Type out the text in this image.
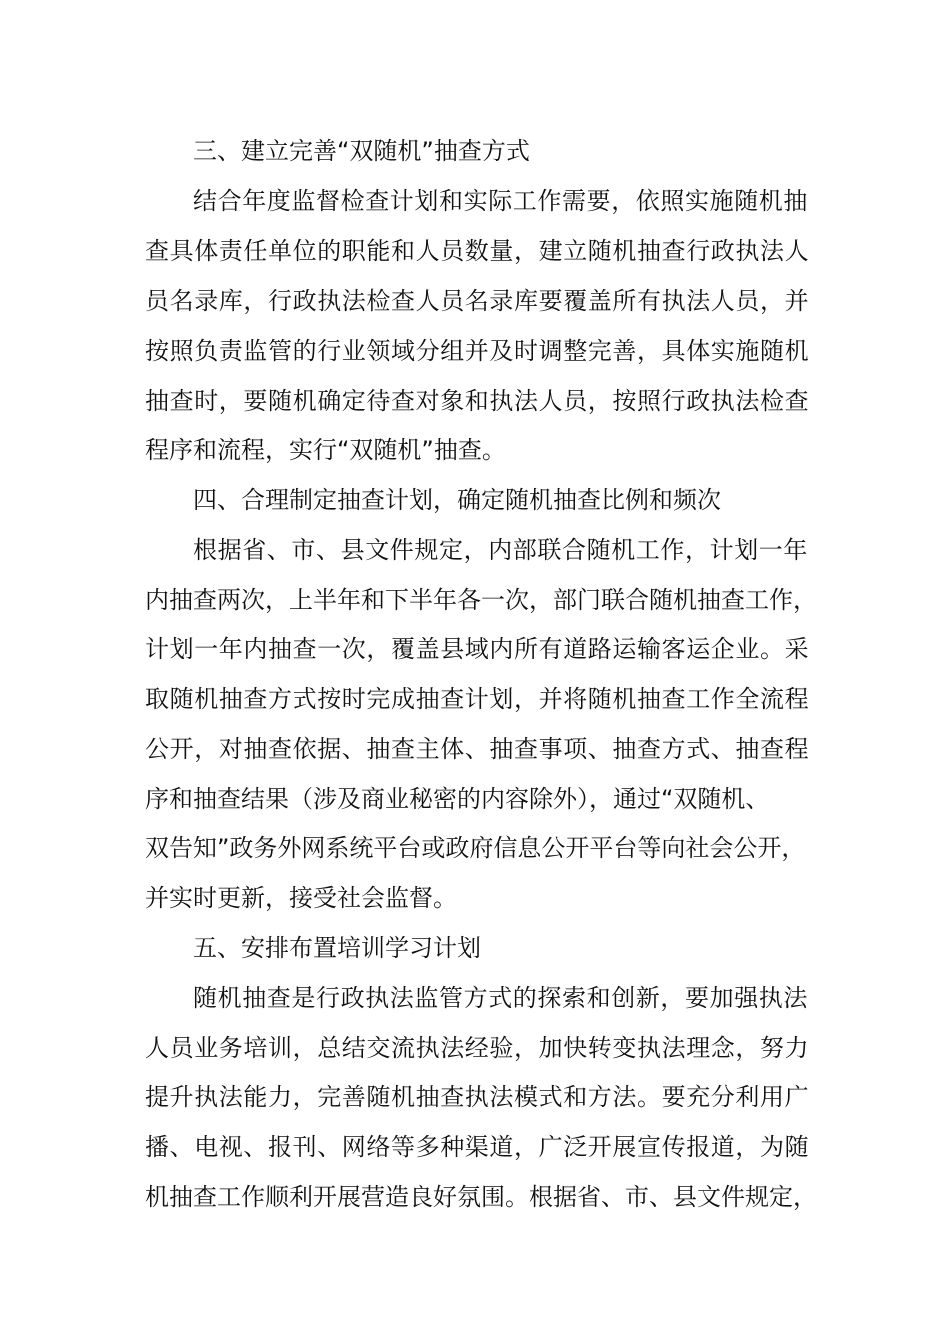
三、建立完善“双随机”抽查方式
结合年度监督检查计划和实际工作需要，依照实施随机抽
查具体责任单位的职能和人员数量，建立随机抽查行政执法人
员名录库，行政执法检查人员名录库要覆盖所有执法人员，并
按照负责监管的行业领域分组并及时调整完善，具体实施随机
抽查时，要随机确定待查对象和执法人员，按照行政执法检查
程序和流程，实行“双随机”抽查。
四、合理制定抽查计划，确定随机抽查比例和频次
根据省、市、县文件规定，内部联合随机工作，计划一年
内抽查两次，上半年和下半年各一次，部门联合随机抽查工作，
计划一年内抽查一次，覆盖县域内所有道路运输客运企业。采
取随机抽查方式按时完成抽查计划，并将随机抽查工作全流程
公开，对抽查依据、抽查主体、抽查事项、抽查方式、抽查程
序和抽查结果（涉及商业秘密的内容除外），通过“双随机、
双告知”政务外网系统平台或政府信息公开平台等向社会公开，
并实时更新，接受社会监督。
五、安排布置培训学习计划
随机抽查是行政执法监管方式的探索和创新，要加强执法
人员业务培训，总结交流执法经验，加快转变执法理念，努力
提升执法能力，完善随机抽查执法模式和方法。要充分利用广
播、电视、报刊、网络等多种渠道，广泛开展宣传报道，为随
机抽查工作顺利开展营造良好氛围。根据省、市、县文件规定，
